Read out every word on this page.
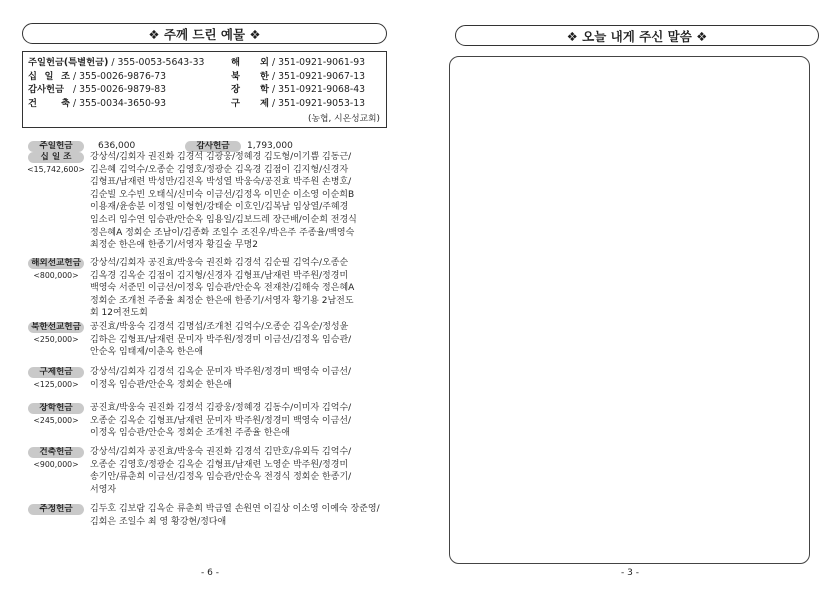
❖ 주께 드린 예물 ❖
주일헌금(특별헌금) / 355-0053-5643-33
십 일 조 / 355-0026-9876-73
감사헌금 / 355-0026-9879-83
건 축 / 355-0034-3650-93
해 외 / 351-0921-9061-93
북 한 / 351-0921-9067-13
장 학 / 351-0921-9068-43
구 제 / 351-0921-9053-13
(농협, 시온성교회)
주일헌금	636,000	감사헌금	1,793,000
십 일 조
<15,742,600>
강상석/김회자 권진화 김경석 김광웅/정혜경 김도형/이기쁨 김동근/
김은혜 김억수/오종순 김영호/정광순 김옥경 김점이 김지형/신경자
김형표/남재련 박성만/김진옥 박성열 박웅숙/공진효 박주원 손병호/
김순빌 오수빈 오태식/신미숙 이금선/김정옥 이민순 이소영 이순희B
이용재/윤송분 이정일 이형헌/강태순 이호인/김복남 임상열/주혜경
임소리 임수연 임승관/안순옥 임용일/김보드레 장근배/이순희 전경식
정은혜A 정회순 조남이/김종화 조일수 조진우/박은주 주종율/백영숙
최정순 한은애 한종기/서영자 황길술 무명2
해외선교헌금
<800,000>
강상석/김회자 공진효/박웅숙 권진화 김경석 김순필 김억수/오종순
김옥경 김옥순 김점이 김지형/신경자 김형표/남재련 박주원/정경미
백영숙 서준민 이금선/이정옥 임승관/안순옥 전재찬/김해숙 정은혜A
정회순 조개천 주종율 최정순 한은애 한종기/서영자 황기용 2남전도
회 12여전도회
북한선교헌금
<250,000>
공진효/박웅숙 김경석 김명섭/조개천 김억수/오종순 김옥순/정성윤
김하은 김형표/남재련 문미자 박주원/정경미 이금선/김정옥 임승관/
안순옥 임태제/이춘옥 한은애
구제헌금
<125,000>
강상석/김회자 김경석 김옥순 문미자 박주원/정경미 백영숙 이금선/
이정옥 임승관/안순옥 정회순 한은애
장학헌금
<245,000>
공진효/박웅숙 권진화 김경석 김광웅/정혜경 김동수/이미자 김억수/
오종순 김옥순 김형표/남재련 문미자 박주원/정경미 백영숙 이금선/
이정옥 임승관/안순옥 정회순 조개천 주종율 한은애
건축헌금
<900,000>
강상석/김회자 공진효/박웅숙 권진화 김경석 김만호/유외득 김억수/
오종순 김영호/정광순 김옥순 김형표/남재련 노영순 박주원/정경미
송기안/류춘희 이금선/김정옥 임승관/안순옥 전경식 정회순 한종기/
서영자
주정헌금	김두호 김보람 김옥순 류춘희 박금열 손원연 이길상 이소영 이예숙 장준영/
김회은 조일수 최 영 황강현/정다애
- 6 -
❖ 오늘 내게 주신 말씀 ❖
- 3 -
